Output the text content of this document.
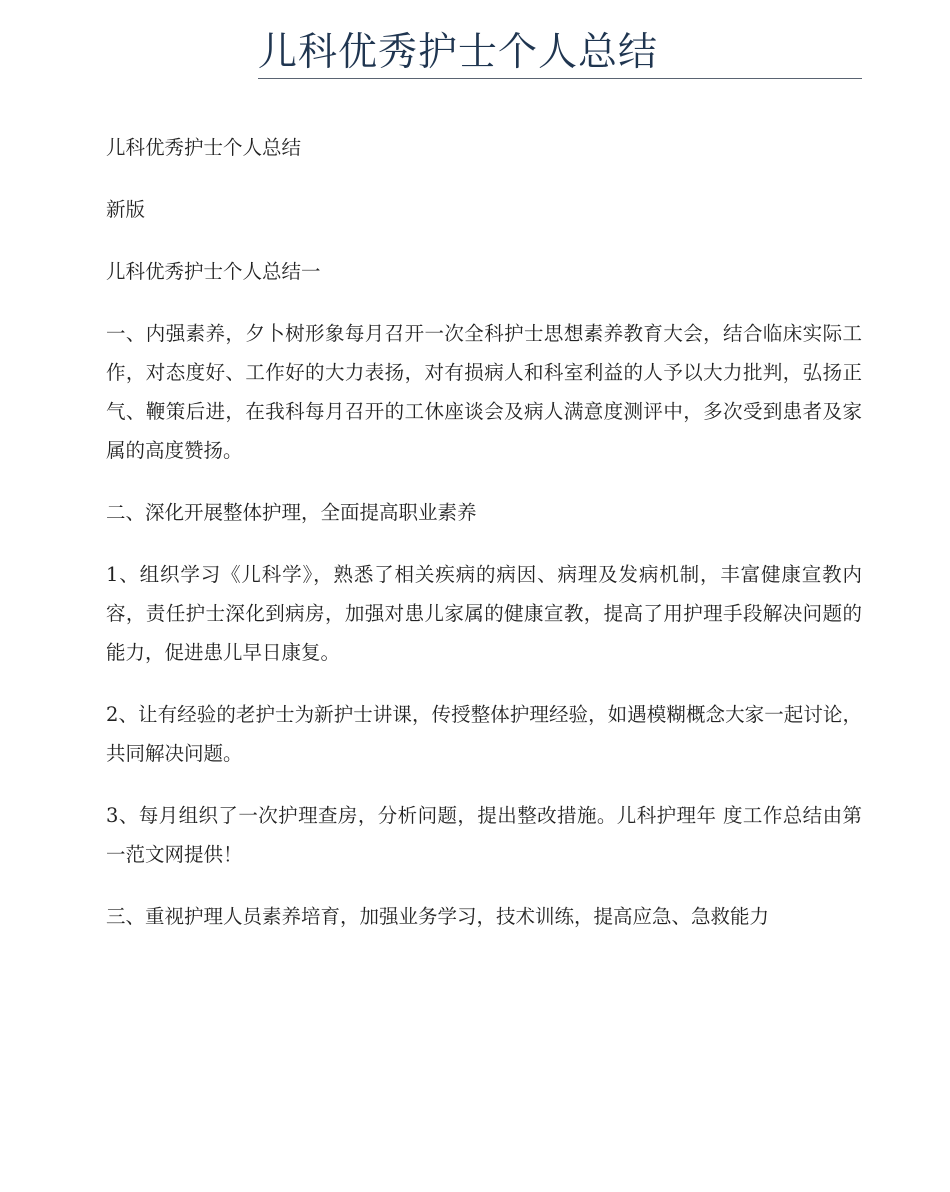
儿科优秀护士个人总结

儿科优秀护士个人总结

新版

儿科优秀护士个人总结一

一、内强素养，夕卜树形象每月召开一次全科护士思想素养教育大会，结合临床实际工作，对态度好、工作好的大力表扬，对有损病人和科室利益的人予以大力批判，弘扬正气、鞭策后进，在我科每月召开的工休座谈会及病人满意度测评中，多次受到患者及家属的高度赞扬。

二、深化开展整体护理，全面提高职业素养

1、组织学习《儿科学》，熟悉了相关疾病的病因、病理及发病机制，丰富健康宣教内容，责任护士深化到病房，加强对患儿家属的健康宣教，提高了用护理手段解决问题的能力，促进患儿早日康复。

2、让有经验的老护士为新护士讲课，传授整体护理经验，如遇模糊概念大家一起讨论，共同解决问题。

3、每月组织了一次护理查房，分析问题，提出整改措施。儿科护理年 度工作总结由第一范文网提供！

三、重视护理人员素养培育，加强业务学习，技术训练，提高应急、急救能力
